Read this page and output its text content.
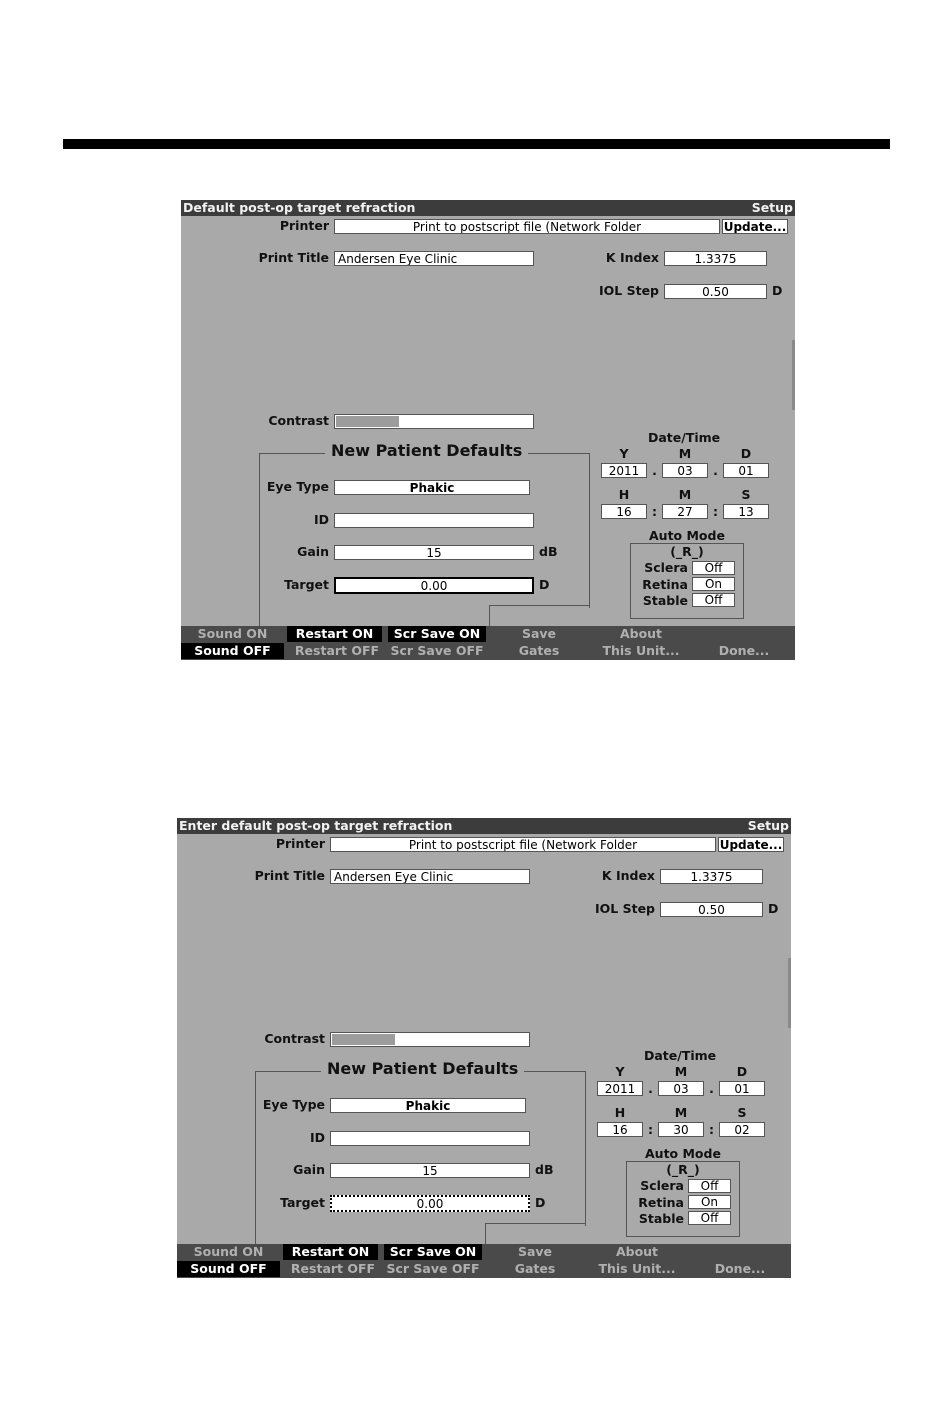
Default post-op target refraction	Setup
Printer	Print to postscript file (Network Folder	Update...
Print Title Andersen Eye Clinic	K Index	1.3375
IOL Step	0.50	D
Contrast
New Patient Defaults
Eye Type	Phakic
ID
Gain	15	dB
Target	0.00	D
Date/Time
Y	M	D
2011	.	03	.	01
H	M	S
16	:	27	:	13
Auto Mode
(_R_)
Sclera	Off
Retina	On
Stable	Off
Sound ON
Sound OFF
Restart ON
Restart OFF
Scr Save ON
Scr Save OFF
Save
Gates
About
This Unit...	Done...
Enter default post-op target refraction	Setup
Printer	Print to postscript file (Network Folder	Update...
Print Title Andersen Eye Clinic	K Index	1.3375
IOL Step	0.50	D
Contrast
New Patient Defaults
Eye Type	Phakic
ID
Gain	15	dB
Target	0.00	D
Date/Time
Y	M	D
2011	.	03	.	01
H	M	S
16	:	30	:	02
Auto Mode
(_R_)
Sclera	Off
Retina	On
Stable	Off
Sound ON
Sound OFF
Restart ON
Restart OFF
Scr Save ON
Scr Save OFF
Save
Gates
About
This Unit...	Done...
